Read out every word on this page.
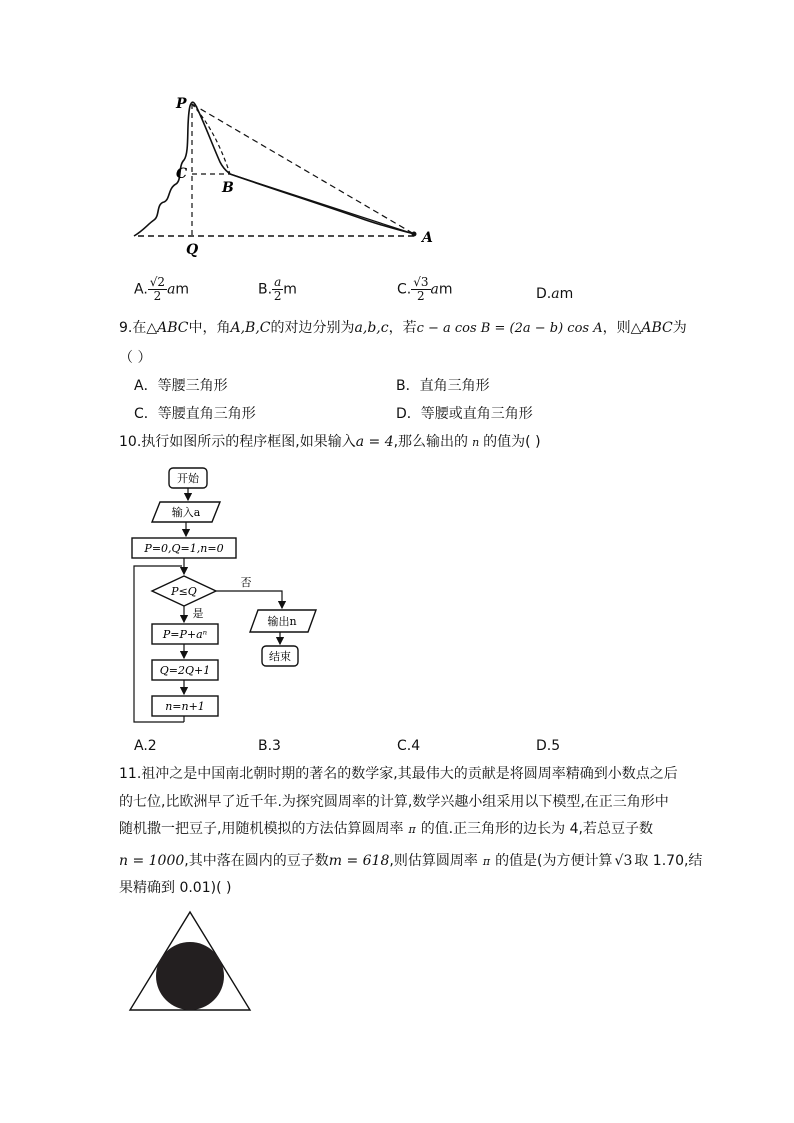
P
C
B
Q
A
A. $\frac{√2}{2}$ am	B. $\frac{a}{2}$ m	C. $\frac{√3}{2}$ am	D.am
9.在△ABC中，角A,B,C的对边分别为a,b,c，若c − a cos B = (2a − b) cos A，则△ABC为
（ ）
A．等腰三角形	B．直角三角形
C．等腰直角三角形	D．等腰或直角三角形
10.执行如图所示的程序框图,如果输入a = 4,那么输出的 n 的值为( )
开始
输入a
P=0,Q=1,n=0
P≤Q
否
输出n
结束
是
P=P+aⁿ
Q=2Q+1
n=n+1
A.2	B.3	C.4	D.5
11.祖冲之是中国南北朝时期的著名的数学家,其最伟大的贡献是将圆周率精确到小数点之后
的七位,比欧洲早了近千年.为探究圆周率的计算,数学兴趣小组采用以下模型,在正三角形中
随机撒一把豆子,用随机模拟的方法估算圆周率 π 的值.正三角形的边长为 4,若总豆子数
n = 1000,其中落在圆内的豆子数m = 618,则估算圆周率 π 的值是(为方便计算 √3 取 1.70,结
果精确到 0.01)( )
